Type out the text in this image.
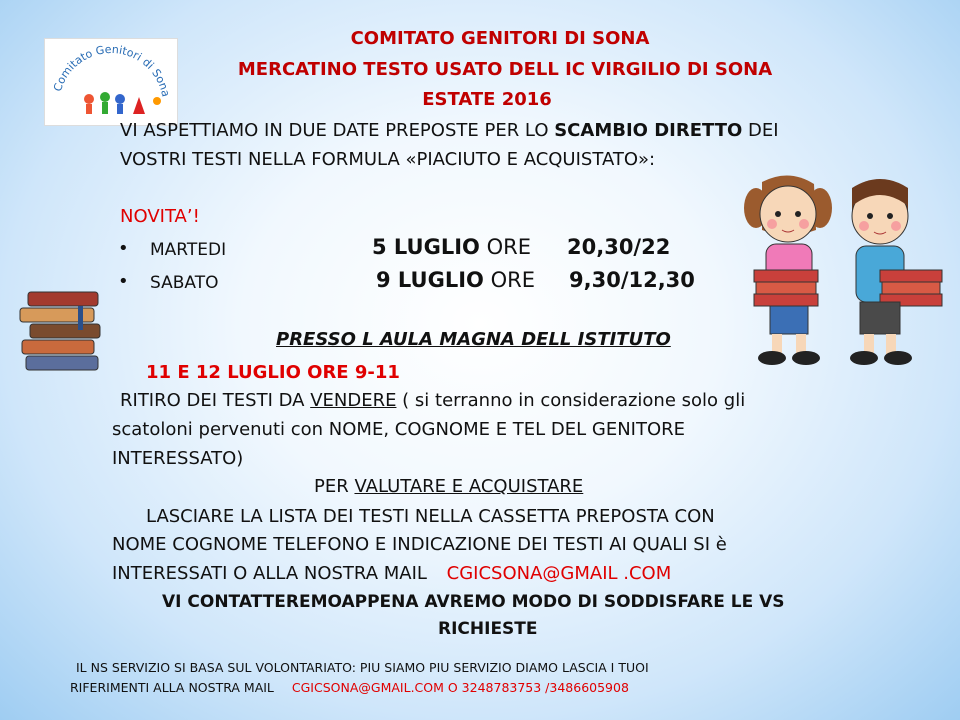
Comitato Genitori di Sona
COMITATO GENITORI DI SONA
MERCATINO TESTO USATO DELL IC VIRGILIO DI SONA
ESTATE 2016
VI ASPETTIAMO IN DUE DATE PREPOSTE PER LO SCAMBIO DIRETTO DEI
VOSTRI TESTI NELLA FORMULA «PIACIUTO E ACQUISTATO»:
NOVITA’!
• MARTEDI	5 LUGLIO ORE 20,30/22
• SABATO	9 LUGLIO ORE 9,30/12,30
PRESSO L AULA MAGNA DELL ISTITUTO
11 E 12 LUGLIO ORE 9-11
RITIRO DEI TESTI DA VENDERE ( si terranno in considerazione solo gli
scatoloni pervenuti con NOME, COGNOME E TEL DEL GENITORE
INTERESSATO)
PER VALUTARE E ACQUISTARE
LASCIARE LA LISTA DEI TESTI NELLA CASSETTA PREPOSTA CON
NOME COGNOME TELEFONO E INDICAZIONE DEI TESTI AI QUALI SI è
INTERESSATI O ALLA NOSTRA MAIL CGICSONA@GMAIL .COM
VI CONTATTEREMOAPPENA AVREMO MODO DI SODDISFARE LE VS
RICHIESTE
IL NS SERVIZIO SI BASA SUL VOLONTARIATO: PIU SIAMO PIU SERVIZIO DIAMO LASCIA I TUOI
RIFERIMENTI ALLA NOSTRA MAIL CGICSONA@GMAIL.COM O 3248783753 /3486605908
